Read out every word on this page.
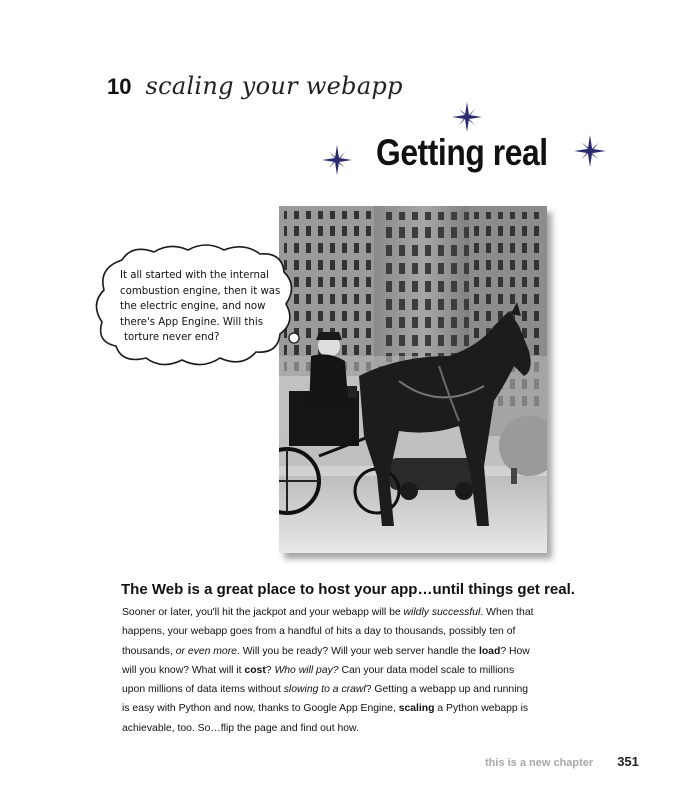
10 scaling your webapp
Getting real
It all started with the internal
combustion engine, then it was
the electric engine, and now
there's App Engine. Will this
torture never end?
The Web is a great place to host your app…until things get real.

Sooner or later, you'll hit the jackpot and your webapp will be wildly successful. When that

happens, your webapp goes from a handful of hits a day to thousands, possibly ten of

thousands, or even more. Will you be ready? Will your web server handle the load? How

will you know? What will it cost? Who will pay? Can your data model scale to millions

upon millions of data items without slowing to a crawl? Getting a webapp up and running

is easy with Python and now, thanks to Google App Engine, scaling a Python webapp is

achievable, too. So…flip the page and find out how.

this is a new chapter 351
